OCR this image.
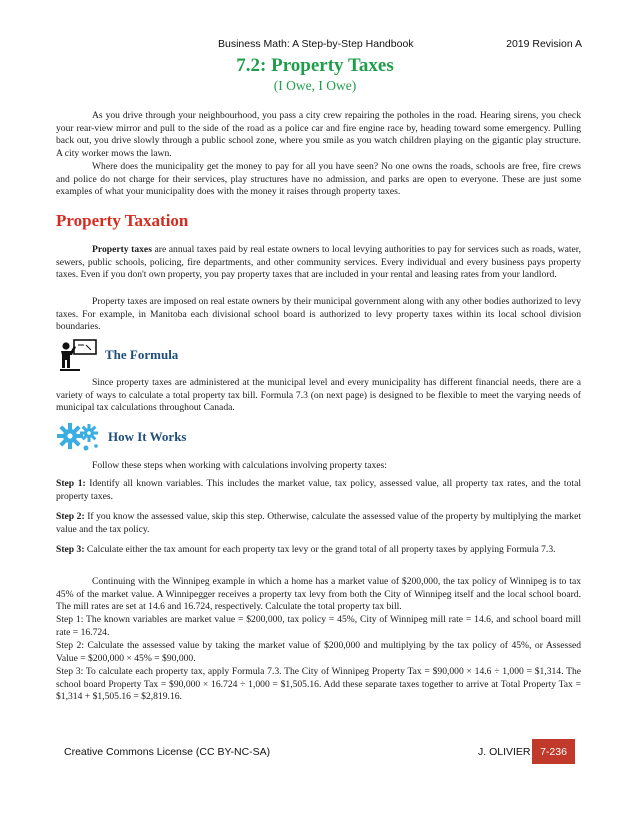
Business Math: A Step-by-Step Handbook	2019 Revision A
7.2: Property Taxes
(I Owe, I Owe)

As you drive through your neighbourhood, you pass a city crew repairing the potholes in the road. Hearing sirens, you check your rear-view mirror and pull to the side of the road as a police car and fire engine race by, heading toward some emergency. Pulling back out, you drive slowly through a public school zone, where you smile as you watch children playing on the gigantic play structure. A city worker mows the lawn.

Where does the municipality get the money to pay for all you have seen? No one owns the roads, schools are free, fire crews and police do not charge for their services, play structures have no admission, and parks are open to everyone. These are just some examples of what your municipality does with the money it raises through property taxes.

Property Taxation

Property taxes are annual taxes paid by real estate owners to local levying authorities to pay for services such as roads, water, sewers, public schools, policing, fire departments, and other community services. Every individual and every business pays property taxes. Even if you don't own property, you pay property taxes that are included in your rental and leasing rates from your landlord.

Property taxes are imposed on real estate owners by their municipal government along with any other bodies authorized to levy taxes. For example, in Manitoba each divisional school board is authorized to levy property taxes within its local school division boundaries.

The Formula

Since property taxes are administered at the municipal level and every municipality has different financial needs, there are a variety of ways to calculate a total property tax bill. Formula 7.3 (on next page) is designed to be flexible to meet the varying needs of municipal tax calculations throughout Canada.

How It Works

Follow these steps when working with calculations involving property taxes:

Step 1: Identify all known variables. This includes the market value, tax policy, assessed value, all property tax rates, and the total property taxes.

Step 2: If you know the assessed value, skip this step. Otherwise, calculate the assessed value of the property by multiplying the market value and the tax policy.

Step 3: Calculate either the tax amount for each property tax levy or the grand total of all property taxes by applying Formula 7.3.

Continuing with the Winnipeg example in which a home has a market value of $200,000, the tax policy of Winnipeg is to tax 45% of the market value. A Winnipegger receives a property tax levy from both the City of Winnipeg itself and the local school board. The mill rates are set at 14.6 and 16.724, respectively. Calculate the total property tax bill.

Step 1: The known variables are market value = $200,000, tax policy = 45%, City of Winnipeg mill rate = 14.6, and school board mill rate = 16.724.

Step 2: Calculate the assessed value by taking the market value of $200,000 and multiplying by the tax policy of 45%, or Assessed Value = $200,000 × 45% = $90,000.

Step 3: To calculate each property tax, apply Formula 7.3. The City of Winnipeg Property Tax = $90,000 × 14.6 ÷ 1,000 = $1,314. The school board Property Tax = $90,000 × 16.724 ÷ 1,000 = $1,505.16. Add these separate taxes together to arrive at Total Property Tax = $1,314 + $1,505.16 = $2,819.16.

Creative Commons License (CC BY-NC-SA)	J. OLIVIER 7-236
